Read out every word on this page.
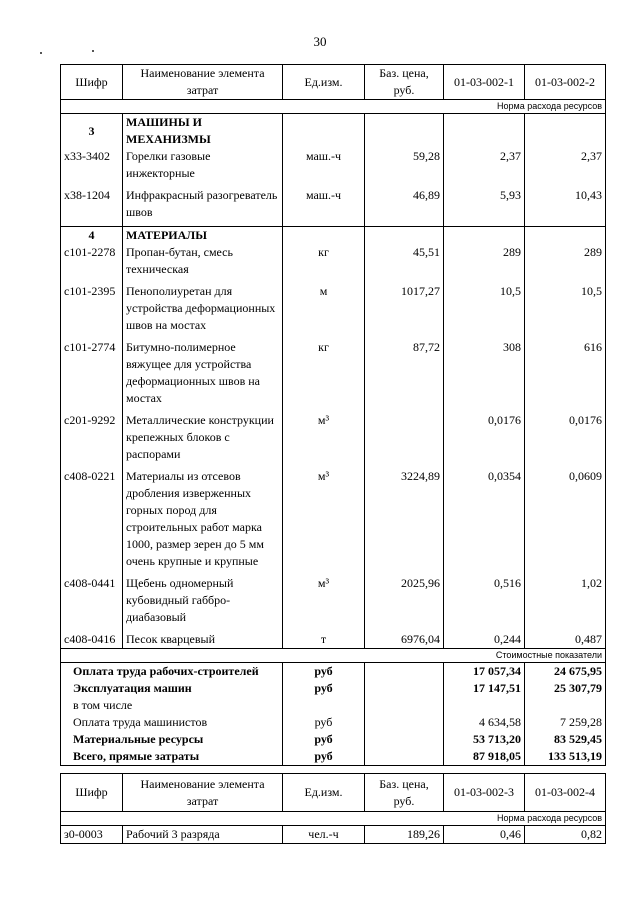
30
Шифр	Наименование элемента затрат	Ед.изм.	Баз. цена, руб.	01-03-002-1	01-03-002-2
Норма расхода ресурсов					
3	МАШИНЫ И МЕХАНИЗМЫ				
х33-3402	Горелки газовые инжекторные	маш.-ч	59,28	2,37	2,37
х38-1204	Инфракрасный разогреватель швов	маш.-ч	46,89	5,93	10,43
4	МАТЕРИАЛЫ				
с101-2278	Пропан-бутан, смесь техническая	кг	45,51	289	289
с101-2395	Пенополиуретан для устройства деформационных швов на мостах	м	1017,27	10,5	10,5
с101-2774	Битумно-полимерное вяжущее для устройства деформационных швов на мостах	кг	87,72	308	616
с201-9292	Металлические конструкции крепежных блоков с распорами	м³		0,0176	0,0176
с408-0221	Материалы из отсевов дробления изверженных горных пород для строительных работ марка 1000, размер зерен до 5 мм очень крупные и крупные	м³	3224,89	0,0354	0,0609
с408-0441	Щебень одномерный кубовидный габбро-диабазовый	м³	2025,96	0,516	1,02
с408-0416	Песок кварцевый	т	6976,04	0,244	0,487
Стоимостные показатели					
Оплата труда рабочих-строителей		руб		17 057,34	24 675,95
Эксплуатация машин		руб		17 147,51	25 307,79
в том числе					
Оплата труда машинистов		руб		4 634,58	7 259,28
Материальные ресурсы		руб		53 713,20	83 529,45
Всего, прямые затраты		руб		87 918,05	133 513,19
Шифр	Наименование элемента затрат	Ед.изм.	Баз. цена, руб.	01-03-002-3	01-03-002-4
Норма расхода ресурсов					
з0-0003	Рабочий 3 разряда	чел.-ч	189,26	0,46	0,82
